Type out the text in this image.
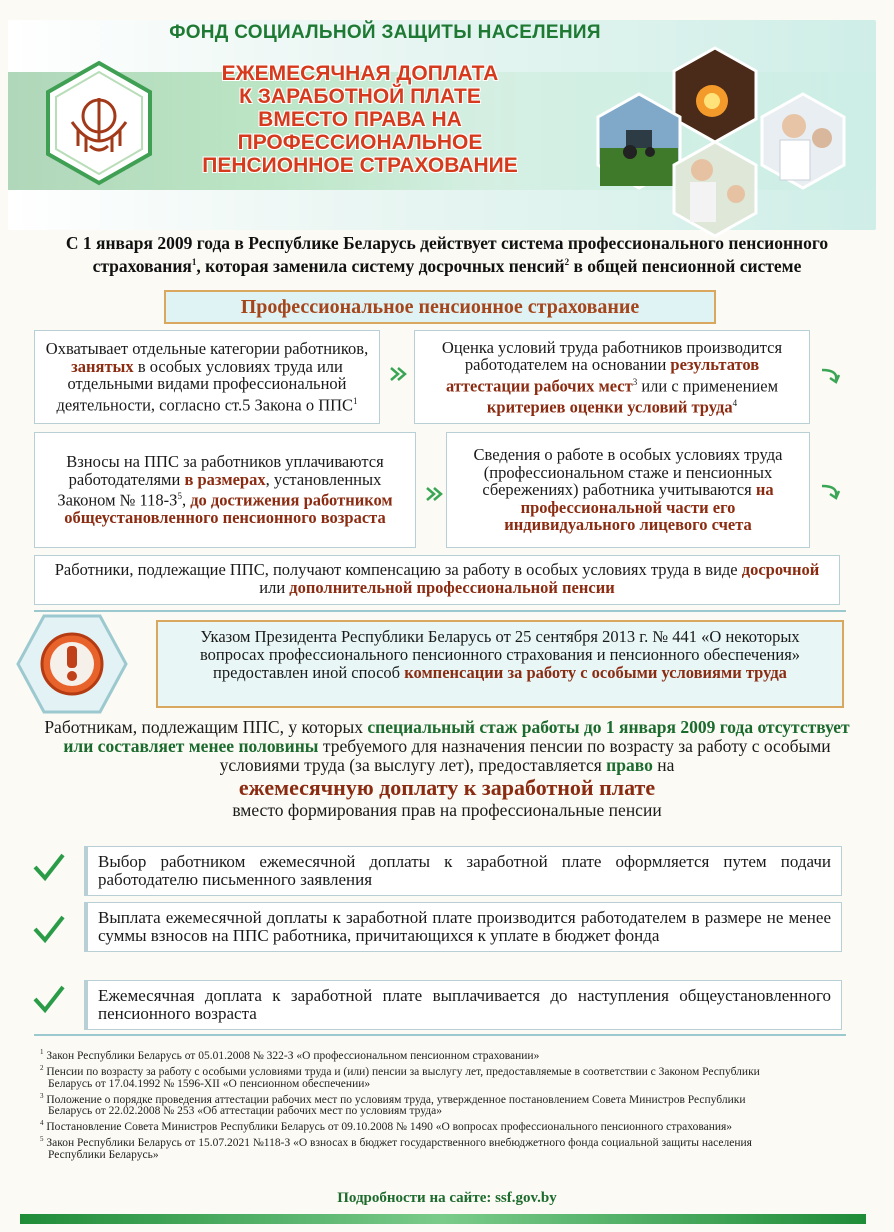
ФОНД СОЦИАЛЬНОЙ ЗАЩИТЫ НАСЕЛЕНИЯ
ЕЖЕМЕСЯЧНАЯ ДОПЛАТА
К ЗАРАБОТНОЙ ПЛАТЕ
ВМЕСТО ПРАВА НА
ПРОФЕССИОНАЛЬНОЕ
ПЕНСИОННОЕ СТРАХОВАНИЕ
С 1 января 2009 года в Республике Беларусь действует система профессионального пенсионного страхования$^1$, которая заменила систему досрочных пенсий$^2$ в общей пенсионной системе
Профессиональное пенсионное страхование
Охватывает отдельные категории работников, занятых в особых условиях труда или отдельными видами профессиональной деятельности, согласно ст.5 Закона о ППС$^1$
Оценка условий труда работников производится работодателем на основании результатов аттестации рабочих мест$^3$ или с применением критериев оценки условий труда$^4$
Взносы на ППС за работников уплачиваются работодателями в размерах, установленных Законом № $118-З^5$, до достижения работником общеустановленного пенсионного возраста
Сведения о работе в особых условиях труда (профессиональном стаже и пенсионных сбережениях) работника учитываются на профессиональной части его индивидуального лицевого счета
Работники, подлежащие ППС, получают компенсацию за работу в особых условиях труда в виде досрочной или дополнительной профессиональной пенсии
Указом Президента Республики Беларусь от 25 сентября 2013 г. № 441 «О некоторых вопросах профессионального пенсионного страхования и пенсионного обеспечения» предоставлен иной способ компенсации за работу с особыми условиями труда
Работникам, подлежащим ППС, у которых специальный стаж работы до 1 января 2009 года отсутствует или составляет менее половины требуемого для назначения пенсии по возрасту за работу с особыми условиями труда (за выслугу лет), предоставляется право на
ежемесячную доплату к заработной плате
вместо формирования прав на профессиональные пенсии
Выбор работником ежемесячной доплаты к заработной плате оформляется путем подачи работодателю письменного заявления
Выплата ежемесячной доплаты к заработной плате производится работодателем в размере не менее суммы взносов на ППС работника, причитающихся к уплате в бюджет фонда
Ежемесячная доплата к заработной плате выплачивается до наступления общеустановленного пенсионного возраста
$^1$ Закон Республики Беларусь от 05.01.2008 № 322-З «О профессиональном пенсионном страховании»
$^2$ Пенсии по возрасту за работу с особыми условиями труда и (или) пенсии за выслугу лет, предоставляемые в соответствии с Законом Республики Беларусь от 17.04.1992 № 1596-XII «О пенсионном обеспечении»
$^3$ Положение о порядке проведения аттестации рабочих мест по условиям труда, утвержденное постановлением Совета Министров Республики Беларусь от 22.02.2008 № 253 «Об аттестации рабочих мест по условиям труда»
$^4$ Постановление Совета Министров Республики Беларусь от 09.10.2008 № 1490 «О вопросах профессионального пенсионного страхования»
$^5$ Закон Республики Беларусь от 15.07.2021 №118-З «О взносах в бюджет государственного внебюджетного фонда социальной защиты населения Республики Беларусь»
Подробности на сайте: ssf.gov.by
